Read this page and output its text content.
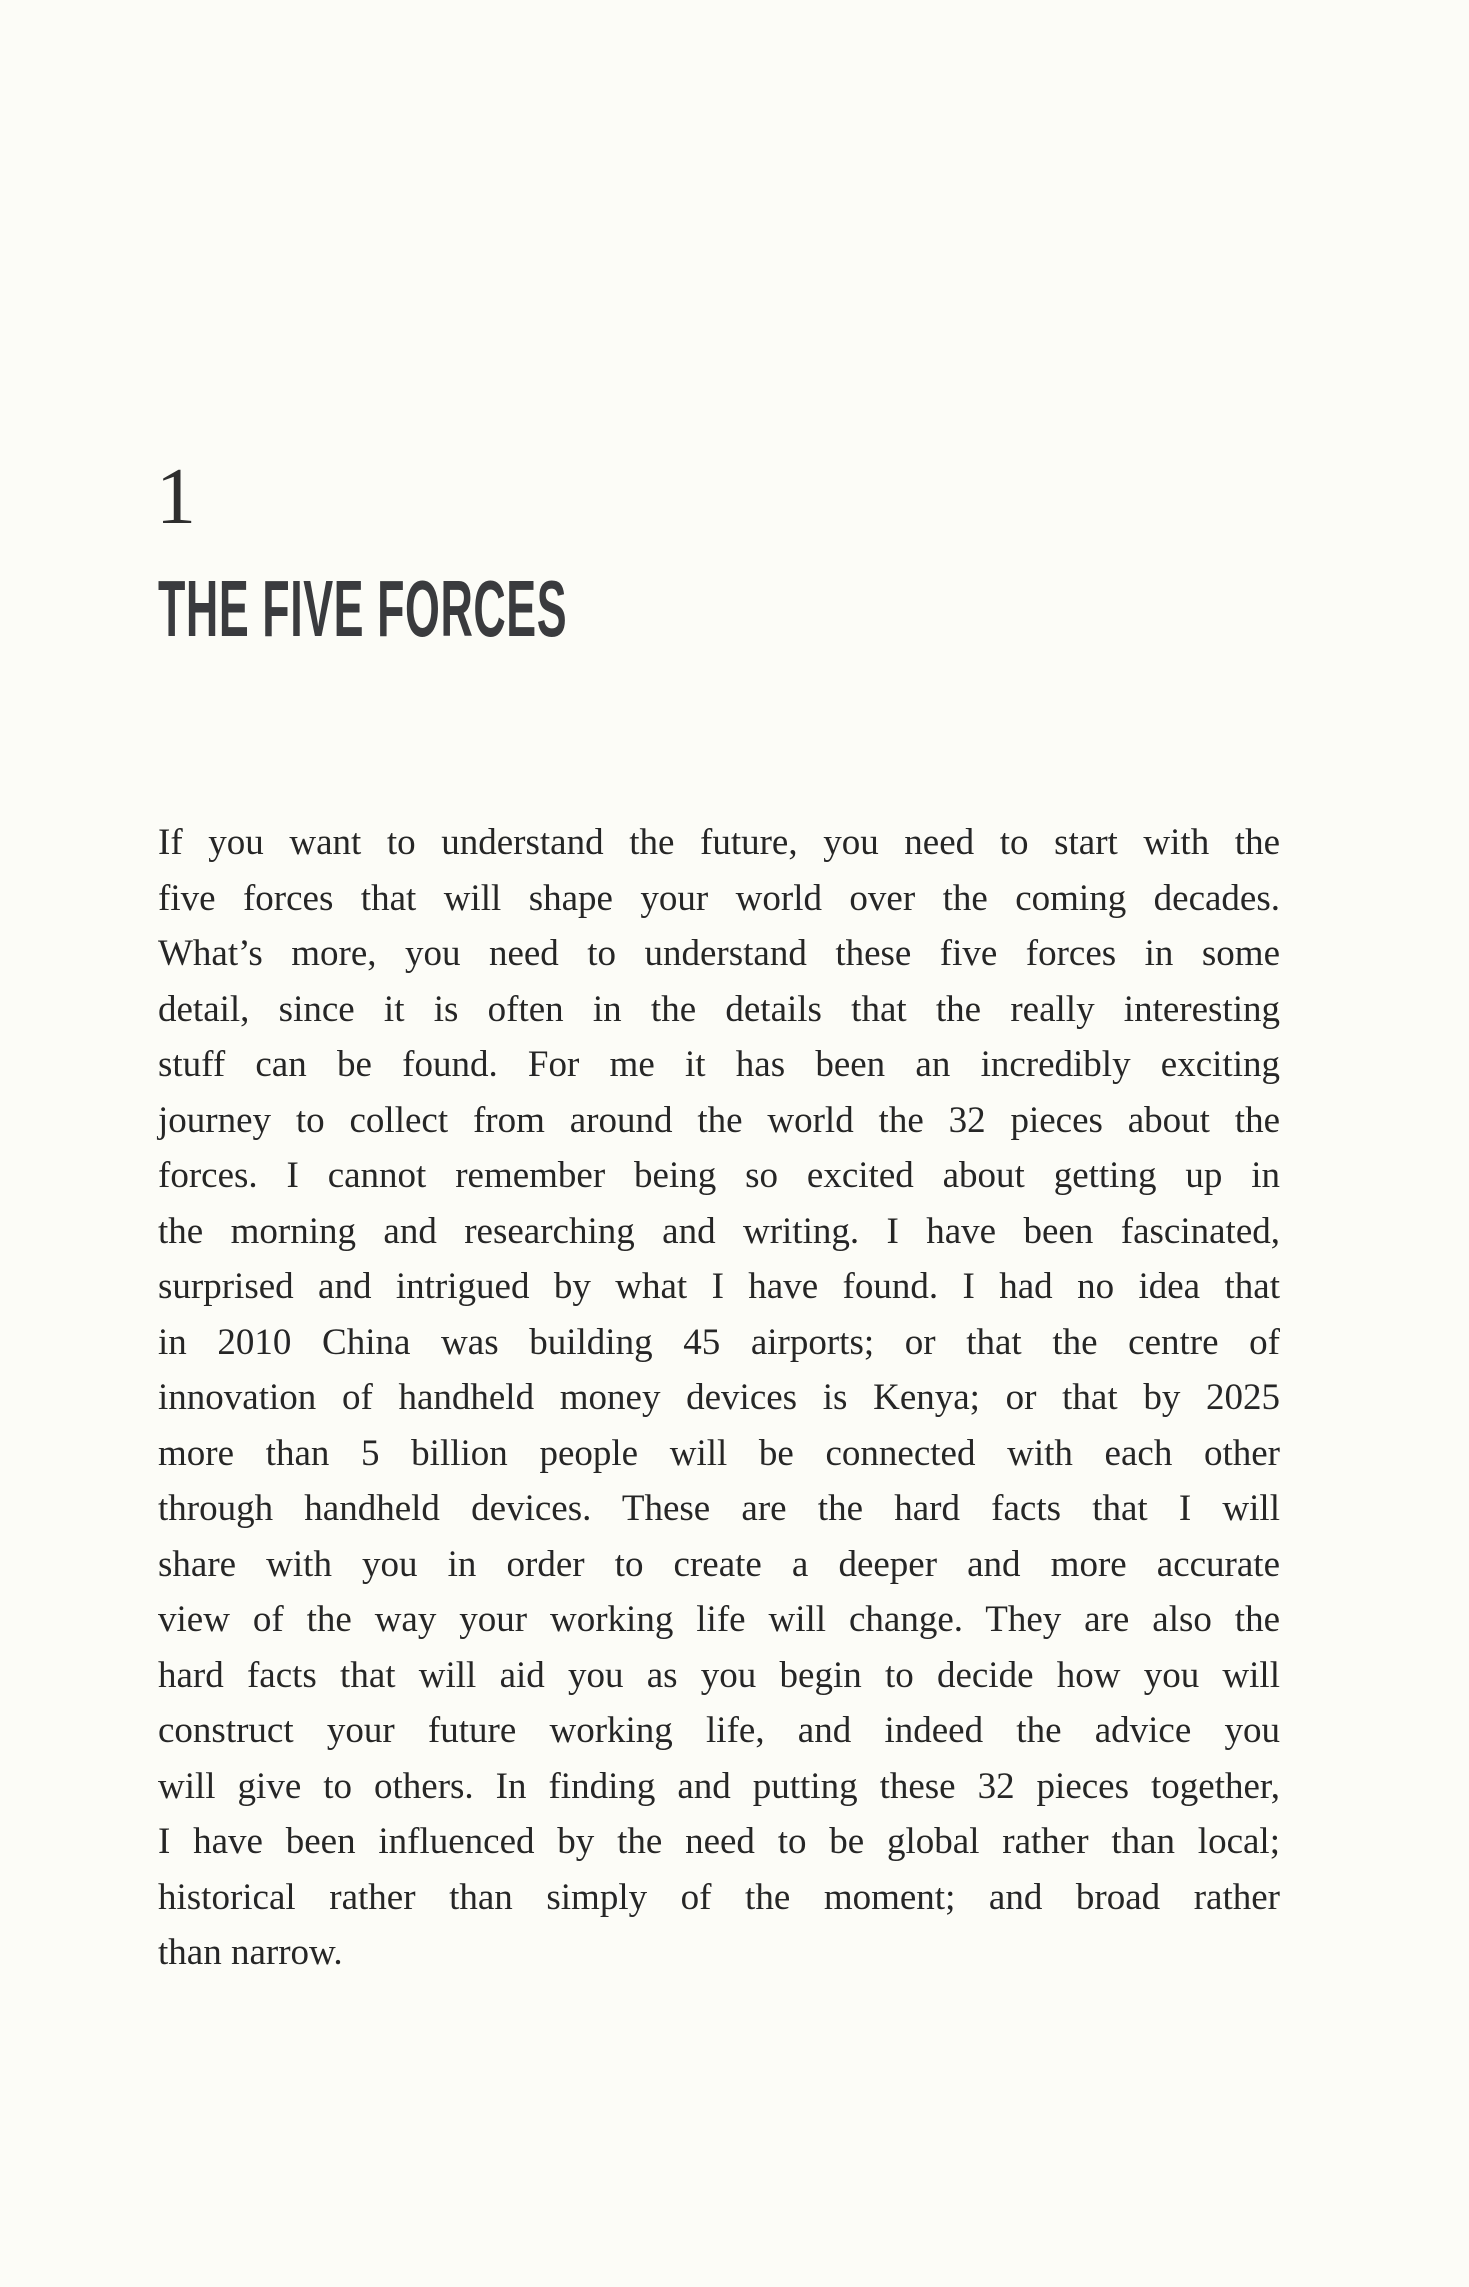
1
THE FIVE FORCES
If you want to understand the future, you need to start with the
five forces that will shape your world over the coming decades.
What’s more, you need to understand these five forces in some
detail, since it is often in the details that the really interesting
stuff can be found. For me it has been an incredibly exciting
journey to collect from around the world the 32 pieces about the
forces. I cannot remember being so excited about getting up in
the morning and researching and writing. I have been fascinated,
surprised and intrigued by what I have found. I had no idea that
in 2010 China was building 45 airports; or that the centre of
innovation of handheld money devices is Kenya; or that by 2025
more than 5 billion people will be connected with each other
through handheld devices. These are the hard facts that I will
share with you in order to create a deeper and more accurate
view of the way your working life will change. They are also the
hard facts that will aid you as you begin to decide how you will
construct your future working life, and indeed the advice you
will give to others. In finding and putting these 32 pieces together,
I have been influenced by the need to be global rather than local;
historical rather than simply of the moment; and broad rather
than narrow.
